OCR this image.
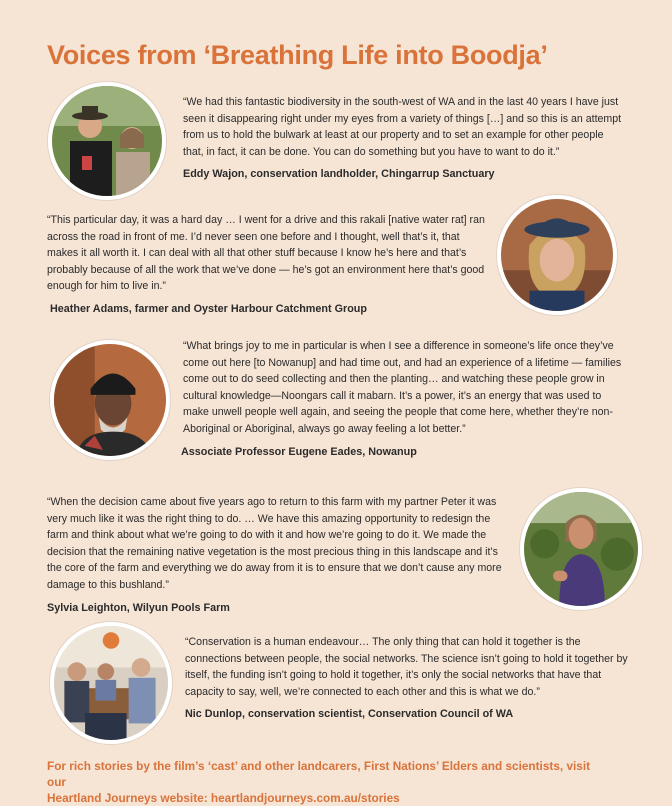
Voices from ‘Breathing Life into Boodja’

“We had this fantastic biodiversity in the south-west of WA and in the last 40 years I have just seen it disappearing right under my eyes from a variety of things […] and so this is an attempt from us to hold the bulwark at least at our property and to set an example for other people that, in fact, it can be done. You can do something but you have to want to do it.”

Eddy Wajon, conservation landholder, Chingarrup Sanctuary

“This particular day, it was a hard day … I went for a drive and this rakali [native water rat] ran across the road in front of me. I’d never seen one before and I thought, well that’s it, that makes it all worth it. I can deal with all that other stuff because I know he’s here and that’s probably because of all the work that we’ve done — he’s got an environment here that’s good enough for him to live in.”

Heather Adams, farmer and Oyster Harbour Catchment Group

“What brings joy to me in particular is when I see a difference in someone’s life once they’ve come out here [to Nowanup] and had time out, and had an experience of a lifetime — families come out to do seed collecting and then the planting… and watching these people grow in cultural knowledge—Noongars call it mabarn. It’s a power, it’s an energy that was used to make unwell people well again, and seeing the people that come here, whether they’re non-Aboriginal or Aboriginal, always go away feeling a lot better.”

Associate Professor Eugene Eades, Nowanup

“When the decision came about five years ago to return to this farm with my partner Peter it was very much like it was the right thing to do. … We have this amazing opportunity to redesign the farm and think about what we’re going to do with it and how we’re going to do it. We made the decision that the remaining native vegetation is the most precious thing in this landscape and it’s the core of the farm and everything we do away from it is to ensure that we don’t cause any more damage to this bushland.”

Sylvia Leighton, Wilyun Pools Farm

“Conservation is a human endeavour… The only thing that can hold it together is the connections between people, the social networks. The science isn’t going to hold it together by itself, the funding isn’t going to hold it together, it’s only the social networks that have that capacity to say, well, we’re connected to each other and this is what we do.”

Nic Dunlop, conservation scientist, Conservation Council of WA

For rich stories by the film’s ‘cast’ and other landcarers, First Nations’ Elders and scientists, visit our
Heartland Journeys website: heartlandjourneys.com.au/stories
